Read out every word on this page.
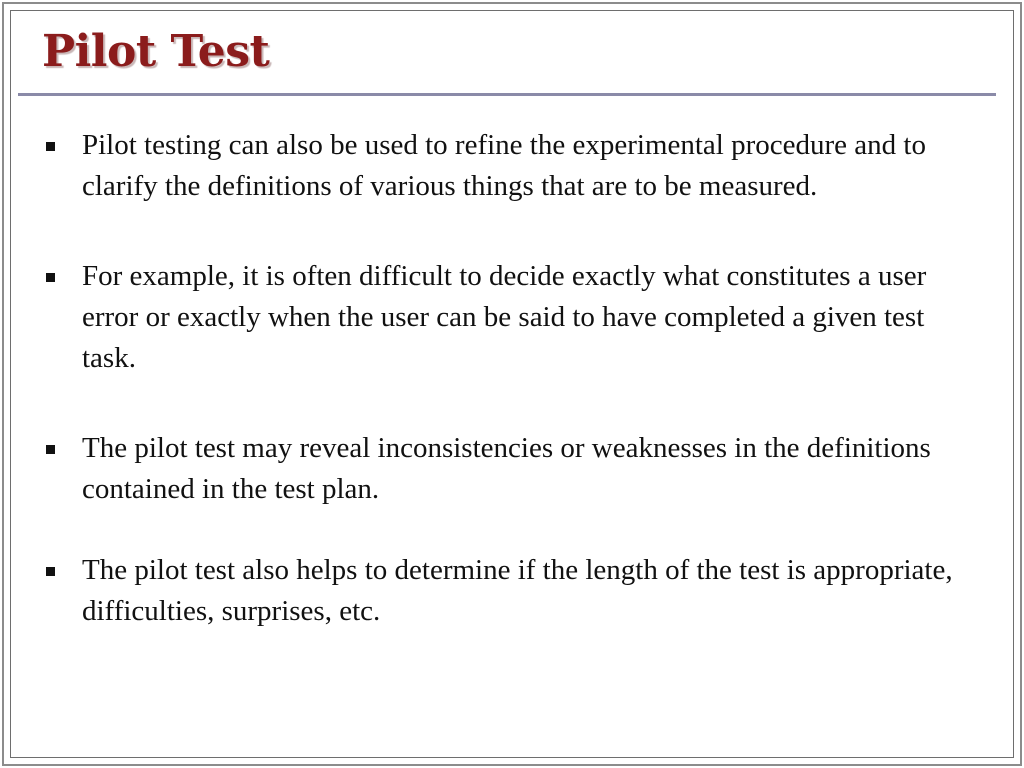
Pilot Test
Pilot testing can also be used to refine the experimental procedure and to clarify the definitions of various things that are to be measured.
For example, it is often difficult to decide exactly what constitutes a user error or exactly when the user can be said to have completed a given test task.
The pilot test may reveal inconsistencies or weaknesses in the definitions contained in the test plan.
The pilot test also helps to determine if the length of the test is appropriate, difficulties, surprises, etc.
